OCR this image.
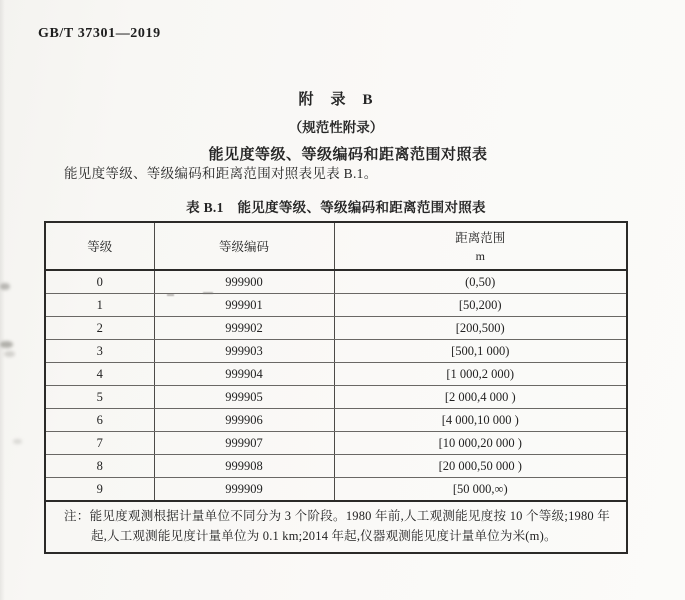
GB/T 37301—2019
附　录　B
（规范性附录）
能见度等级、等级编码和距离范围对照表

能见度等级、等级编码和距离范围对照表见表 B.1。

表 B.1　能见度等级、等级编码和距离范围对照表
等级	等级编码	距离范围
m

0	999900	(0,50)
1	999901	[50,200)
2	999902	[200,500)
3	999903	[500,1 000)
4	999904	[1 000,2 000)
5	999905	[2 000,4 000 )
6	999906	[4 000,10 000 )
7	999907	[10 000,20 000 )
8	999908	[20 000,50 000 )
9	999909	[50 000,∞)

注：能见度观测根据计量单位不同分为 3 个阶段。1980 年前,人工观测能见度按 10 个等级;1980 年起,人工观测能见度计量单位为 0.1 km;2014 年起,仪器观测能见度计量单位为米(m)。		
